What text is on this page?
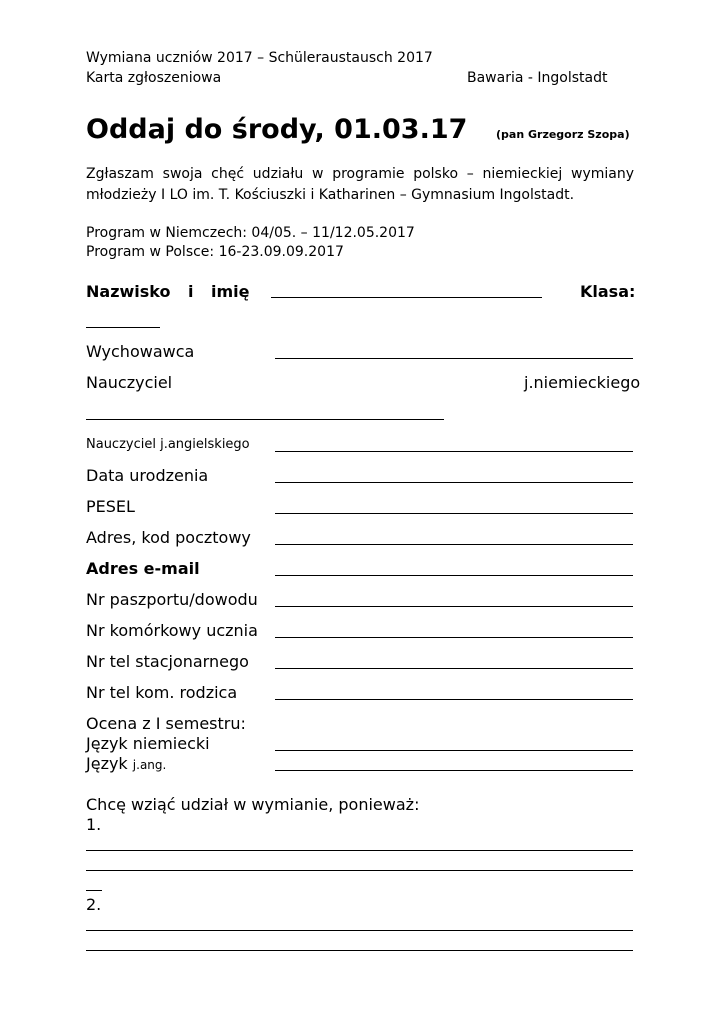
Wymiana uczniów 2017 – Schüleraustausch 2017
Karta zgłoszeniowa	Bawaria - Ingolstadt
Oddaj do środy, 01.03.17	(pan Grzegorz Szopa)
Zgłaszam swoja chęć udziału w programie polsko – niemieckiej wymiany
młodzieży I LO im. T. Kościuszki i Katharinen – Gymnasium Ingolstadt.
Program w Niemczech: 04/05. – 11/12.05.2017
Program w Polsce: 16-23.09.09.2017
Nazwisko i imię	Klasa:
Wychowawca
Nauczyciel	j.niemieckiego
Nauczyciel j.angielskiego
Data urodzenia
PESEL
Adres, kod pocztowy
Adres e-mail
Nr paszportu/dowodu
Nr komórkowy ucznia
Nr tel stacjonarnego
Nr tel kom. rodzica
Ocena z I semestru:
Język niemiecki
Język j.ang.
Chcę wziąć udział w wymianie, ponieważ:
1.
2.
